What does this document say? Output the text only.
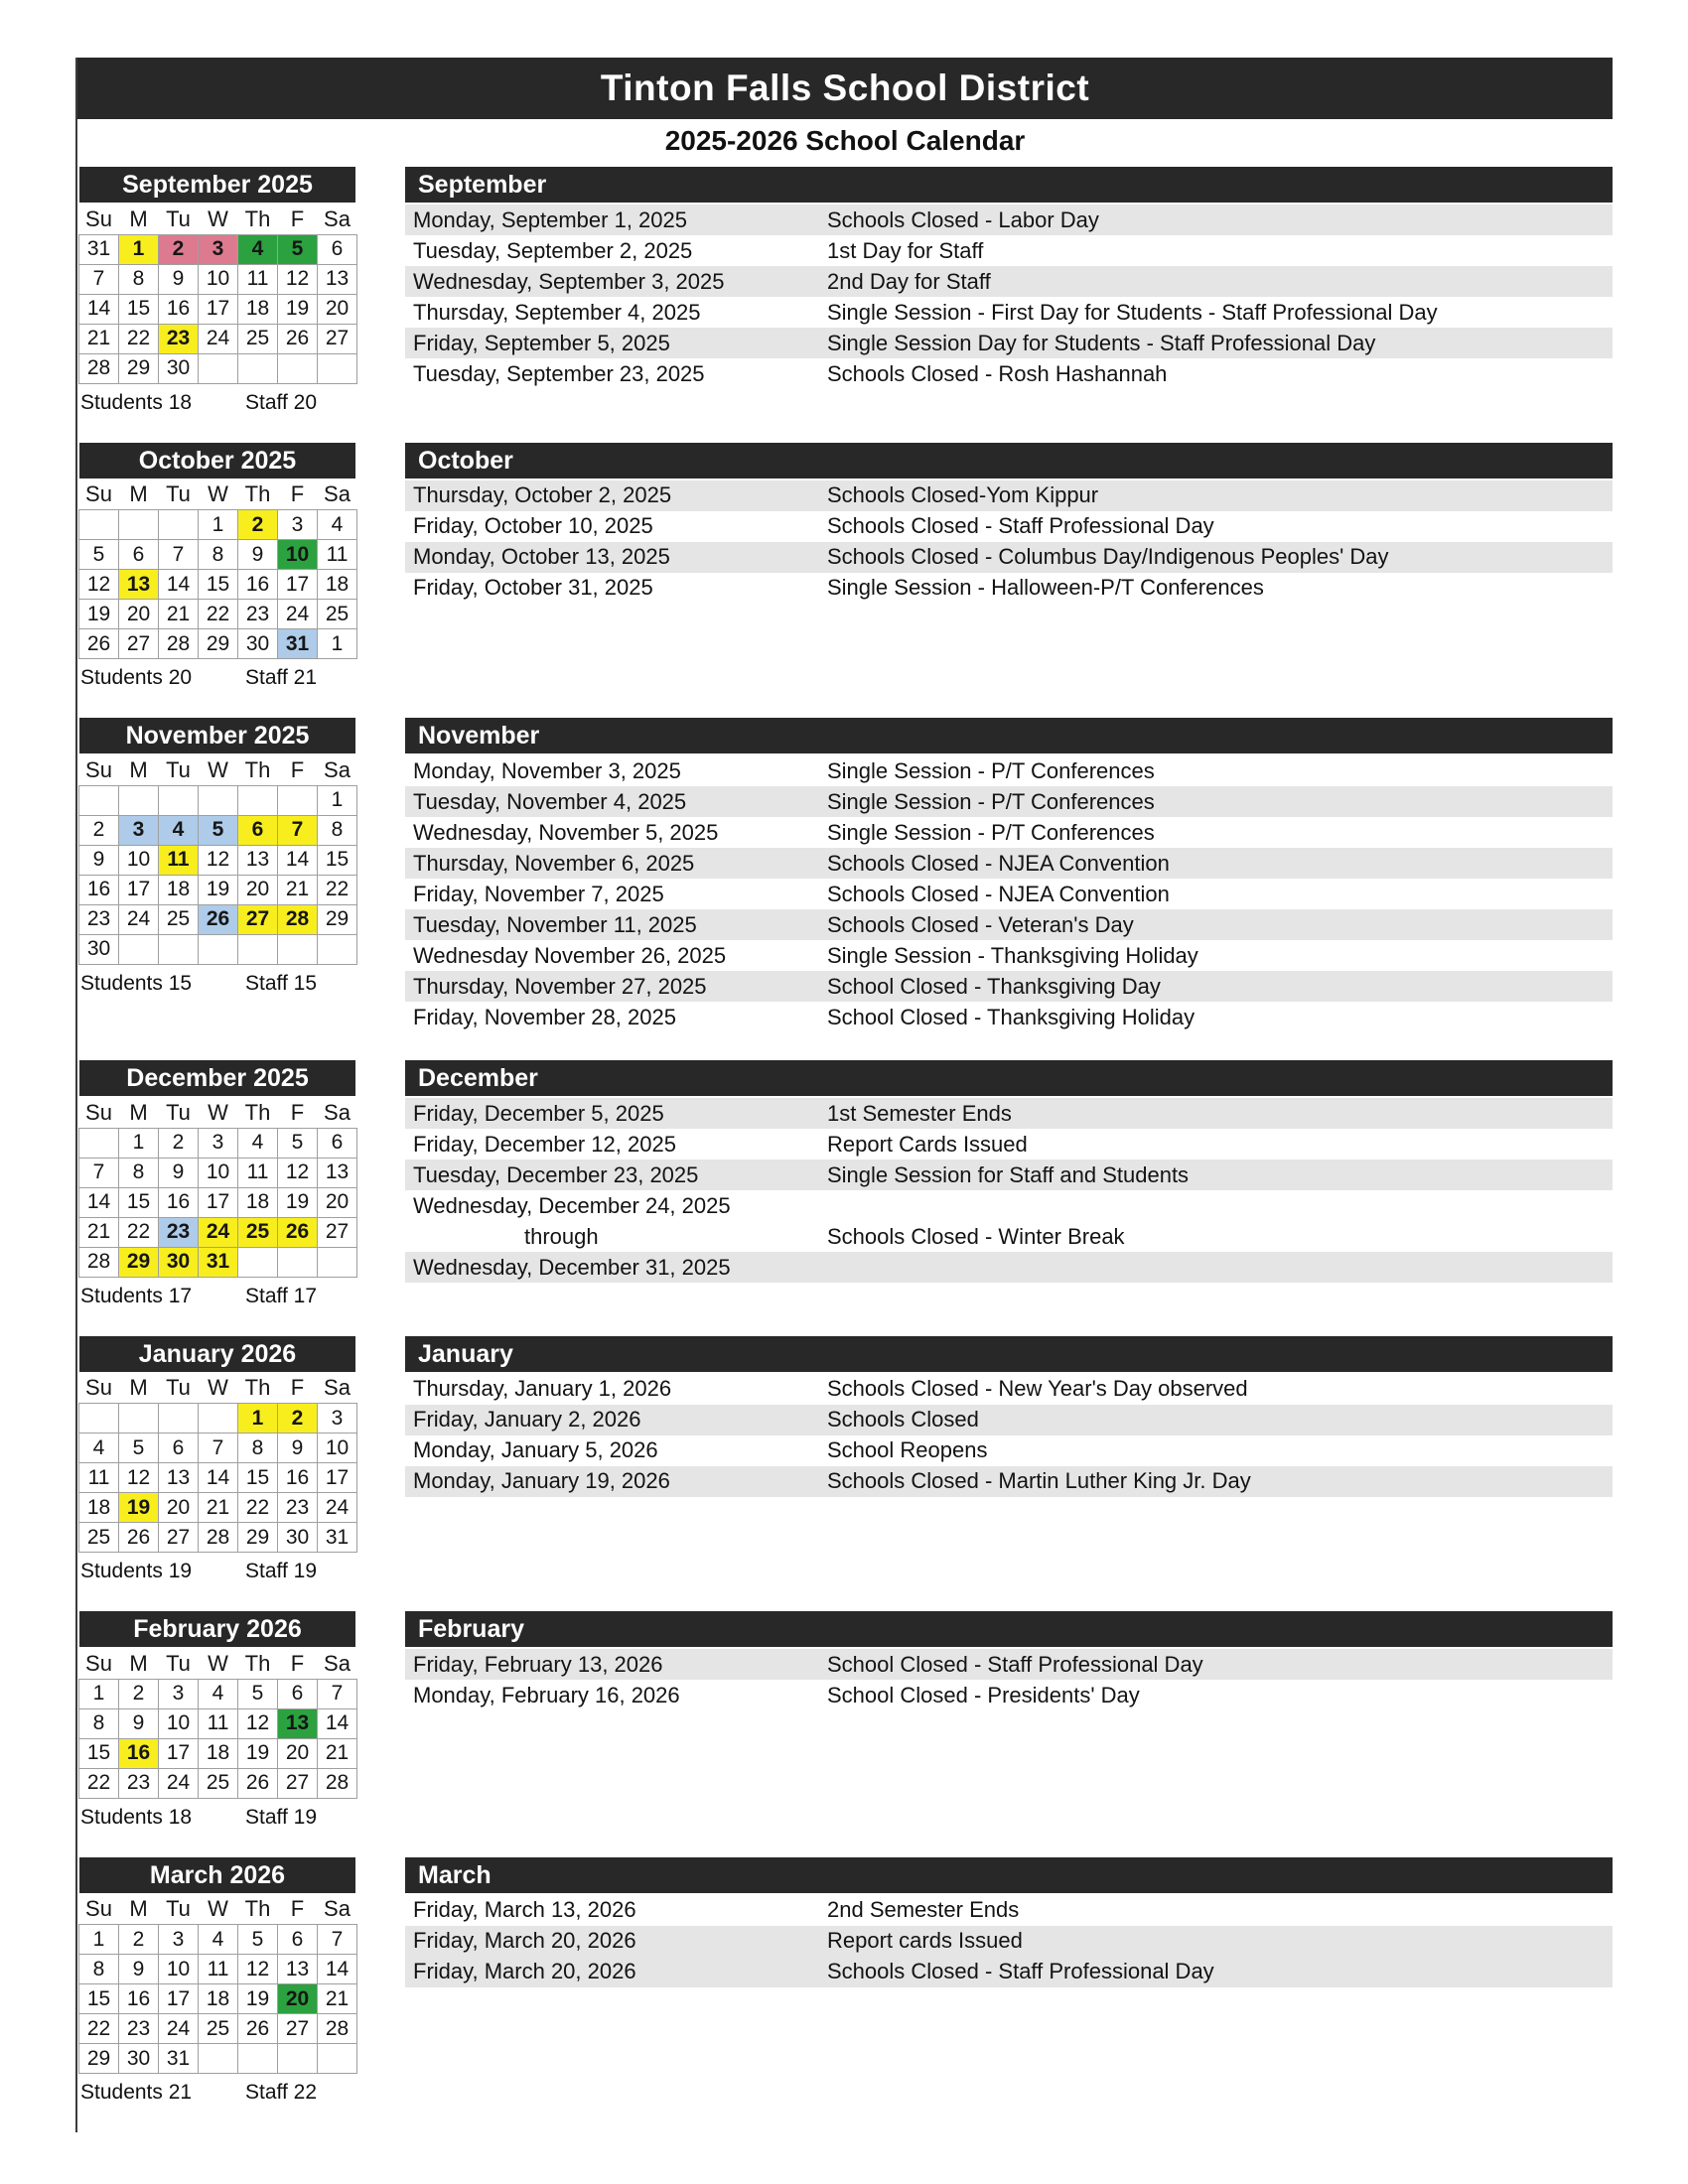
Tinton Falls School District
2025-2026 School Calendar
September 2025
Su	M	Tu	W	Th	F	Sa
31	1	2	3	4	5	6
7	8	9	10	11	12	13
14	15	16	17	18	19	20
21	22	23	24	25	26	27
28	29	30				
Students 18	Staff 20
September
Monday, September 1, 2025	Schools Closed - Labor Day
Tuesday, September 2, 2025	1st Day for Staff
Wednesday, September 3, 2025	2nd Day for Staff
Thursday, September 4, 2025	Single Session - First Day for Students - Staff Professional Day
Friday, September 5, 2025	Single Session Day for Students - Staff Professional Day
Tuesday, September 23, 2025	Schools Closed - Rosh Hashannah
October 2025
Su	M	Tu	W	Th	F	Sa
			1	2	3	4
5	6	7	8	9	10	11
12	13	14	15	16	17	18
19	20	21	22	23	24	25
26	27	28	29	30	31	1
Students 20	Staff 21
October
Thursday, October 2, 2025	Schools Closed-Yom Kippur
Friday, October 10, 2025	Schools Closed - Staff Professional Day
Monday, October 13, 2025	Schools Closed - Columbus Day/Indigenous Peoples' Day
Friday, October 31, 2025	Single Session - Halloween-P/T Conferences
November 2025
Su	M	Tu	W	Th	F	Sa
						1
2	3	4	5	6	7	8
9	10	11	12	13	14	15
16	17	18	19	20	21	22
23	24	25	26	27	28	29
30						
Students 15	Staff 15
November
Monday, November 3, 2025	Single Session - P/T Conferences
Tuesday, November 4, 2025	Single Session - P/T Conferences
Wednesday, November 5, 2025	Single Session - P/T Conferences
Thursday, November 6, 2025	Schools Closed - NJEA Convention
Friday, November 7, 2025	Schools Closed - NJEA Convention
Tuesday, November 11, 2025	Schools Closed - Veteran's Day
Wednesday November 26, 2025	Single Session - Thanksgiving Holiday
Thursday, November 27, 2025	School Closed - Thanksgiving Day
Friday, November 28, 2025	School Closed - Thanksgiving Holiday
December 2025
Su	M	Tu	W	Th	F	Sa
	1	2	3	4	5	6
7	8	9	10	11	12	13
14	15	16	17	18	19	20
21	22	23	24	25	26	27
28	29	30	31			
Students 17	Staff 17
December
Friday, December 5, 2025	1st Semester Ends
Friday, December 12, 2025	Report Cards Issued
Tuesday, December 23, 2025	Single Session for Staff and Students
Wednesday, December 24, 2025
through	Schools Closed - Winter Break
Wednesday, December 31, 2025
January 2026
Su	M	Tu	W	Th	F	Sa
				1	2	3
4	5	6	7	8	9	10
11	12	13	14	15	16	17
18	19	20	21	22	23	24
25	26	27	28	29	30	31
Students 19	Staff 19
January
Thursday, January 1, 2026	Schools Closed - New Year's Day observed
Friday, January 2, 2026	Schools Closed
Monday, January 5, 2026	School Reopens
Monday, January 19, 2026	Schools Closed - Martin Luther King Jr. Day
February 2026
Su	M	Tu	W	Th	F	Sa
1	2	3	4	5	6	7
8	9	10	11	12	13	14
15	16	17	18	19	20	21
22	23	24	25	26	27	28
Students 18	Staff 19
February
Friday, February 13, 2026	School Closed - Staff Professional Day
Monday, February 16, 2026	School Closed - Presidents' Day
March 2026
Su	M	Tu	W	Th	F	Sa
1	2	3	4	5	6	7
8	9	10	11	12	13	14
15	16	17	18	19	20	21
22	23	24	25	26	27	28
29	30	31				
Students 21	Staff 22
March
Friday, March 13, 2026	2nd Semester Ends
Friday, March 20, 2026	Report cards Issued
Friday, March 20, 2026	Schools Closed - Staff Professional Day
